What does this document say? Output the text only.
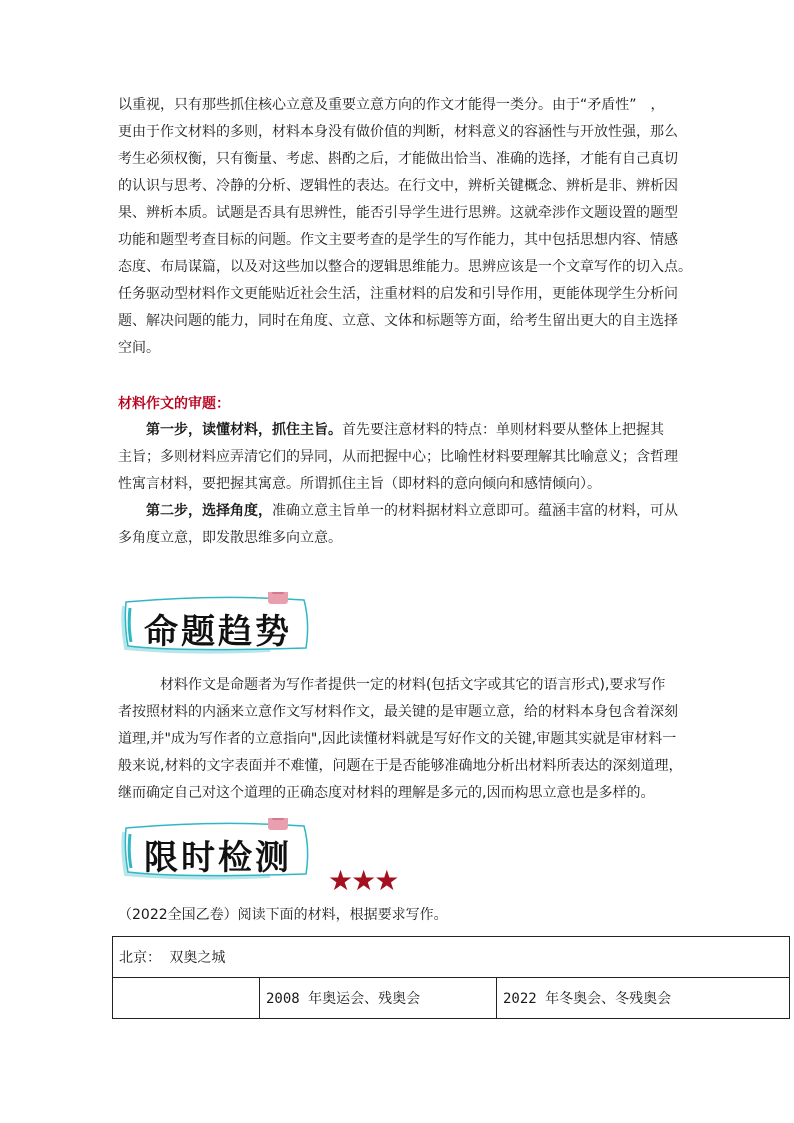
以重视，只有那些抓住核心立意及重要立意方向的作文才能得一类分。由于“矛盾性”　，
更由于作文材料的多则，材料本身没有做价值的判断，材料意义的容涵性与开放性强，那么
考生必须权衡，只有衡量、考虑、斟酌之后，才能做出恰当、准确的选择，才能有自己真切
的认识与思考、冷静的分析、逻辑性的表达。在行文中，辨析关键概念、辨析是非、辨析因
果、辨析本质。试题是否具有思辨性，能否引导学生进行思辨。这就牵涉作文题设置的题型
功能和题型考查目标的问题。作文主要考查的是学生的写作能力，其中包括思想内容、情感
态度、布局谋篇，以及对这些加以整合的逻辑思维能力。思辨应该是一个文章写作的切入点。
任务驱动型材料作文更能贴近社会生活，注重材料的启发和引导作用，更能体现学生分析问
题、解决问题的能力，同时在角度、立意、文体和标题等方面，给考生留出更大的自主选择
空间。

材料作文的审题：

第一步，读懂材料，抓住主旨。首先要注意材料的特点：单则材料要从整体上把握其
主旨；多则材料应弄清它们的异同，从而把握中心；比喻性材料要理解其比喻意义；含哲理
性寓言材料，要把握其寓意。所谓抓住主旨（即材料的意向倾向和感情倾向）。
第二步，选择角度，准确立意主旨单一的材料据材料立意即可。蕴涵丰富的材料，可从
多角度立意，即发散思维多向立意。
命题趋势
材料作文是命题者为写作者提供一定的材料(包括文字或其它的语言形式),要求写作
者按照材料的内涵来立意作文写材料作文，最关键的是审题立意，给的材料本身包含着深刻
道理,并"成为写作者的立意指向",因此读懂材料就是写好作文的关键,审题其实就是审材料一
般来说,材料的文字表面并不难懂，问题在于是否能够准确地分析出材料所表达的深刻道理，
继而确定自己对这个道理的正确态度对材料的理解是多元的,因而构思立意也是多样的。
限时检测
★★★

（2022全国乙卷）阅读下面的材料，根据要求写作。

北京： 双奥之城
	2008 年奥运会、残奥会	2022 年冬奥会、冬残奥会
